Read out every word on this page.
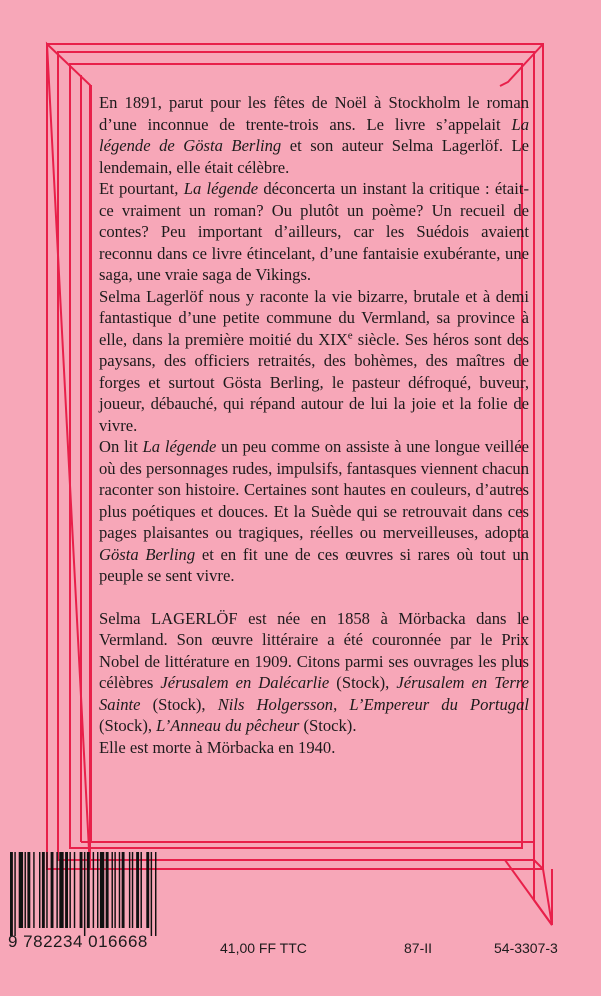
En 1891, parut pour les fêtes de Noël à Stockholm le roman d’une inconnue de trente-trois ans. Le livre s’appelait La légende de Gösta Berling et son auteur Selma Lagerlöf. Le lendemain, elle était célèbre.

Et pourtant, La légende déconcerta un instant la critique : était-ce vraiment un roman? Ou plutôt un poème? Un recueil de contes? Peu important d’ailleurs, car les Suédois avaient reconnu dans ce livre étincelant, d’une fantaisie exubérante, une saga, une vraie saga de Vikings.

Selma Lagerlöf nous y raconte la vie bizarre, brutale et à demi fantastique d’une petite commune du Vermland, sa province à elle, dans la première moitié du XIXe siècle. Ses héros sont des paysans, des officiers retraités, des bohèmes, des maîtres de forges et surtout Gösta Berling, le pasteur défroqué, buveur, joueur, débauché, qui répand autour de lui la joie et la folie de vivre.

On lit La légende un peu comme on assiste à une longue veillée où des personnages rudes, impulsifs, fantasques viennent chacun raconter son histoire. Certaines sont hautes en couleurs, d’autres plus poétiques et douces. Et la Suède qui se retrouvait dans ces pages plaisantes ou tragiques, réelles ou merveilleuses, adopta Gösta Berling et en fit une de ces œuvres si rares où tout un peuple se sent vivre.

Selma LAGERLÖF est née en 1858 à Mörbacka dans le Vermland. Son œuvre littéraire a été couronnée par le Prix Nobel de littérature en 1909. Citons parmi ses ouvrages les plus célèbres Jérusalem en Dalécarlie (Stock), Jérusalem en Terre Sainte (Stock), Nils Holgersson, L’Empereur du Portugal (Stock), L’Anneau du pêcheur (Stock).

Elle est morte à Mörbacka en 1940.

9 782234 016668	41,00 FF TTC	87-II	54-3307-3
